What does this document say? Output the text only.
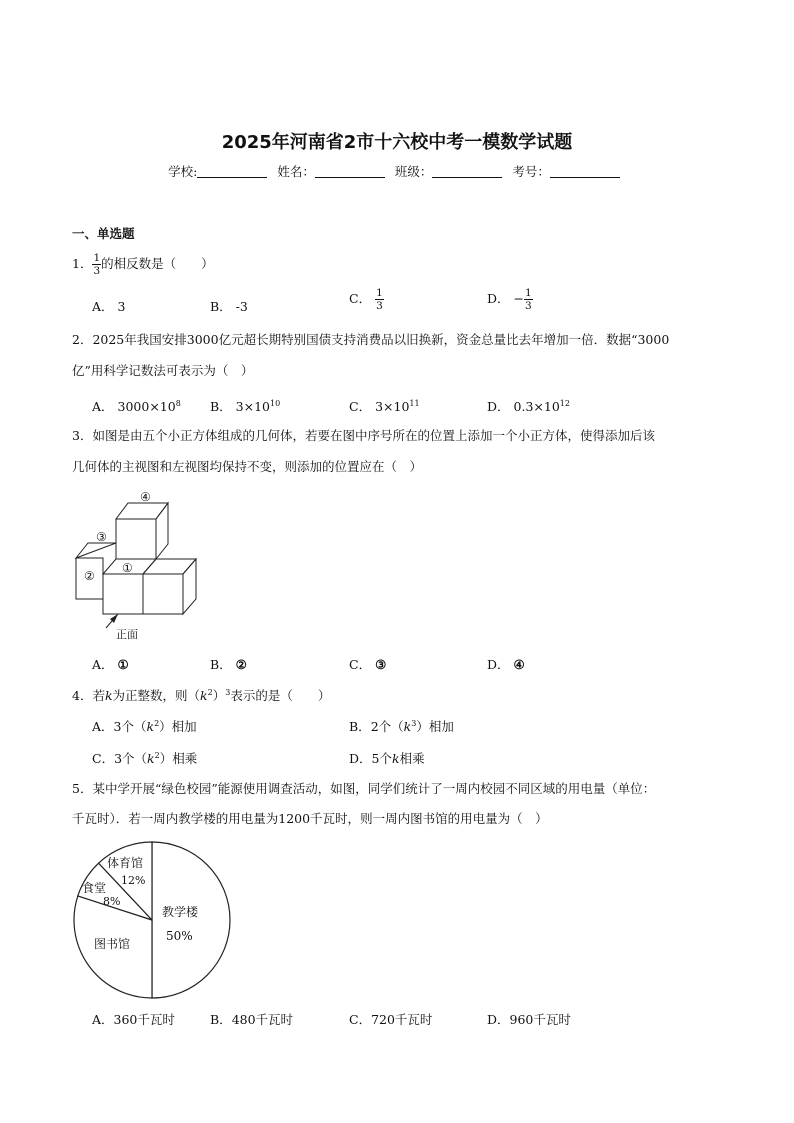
2025年河南省2市十六校中考一模数学试题
学校:	姓名：	班级：	考号：
一、单选题
1． $\frac{1}{3}$ 的相反数是（　　）
A． 3	B． -3
C． $\frac{1}{3}$	D． − $\frac{1}{3}$
2．2025年我国安排3000亿元超长期特别国债支持消费品以旧换新，资金总量比去年增加一倍．数据“3000
亿”用科学记数法可表示为（　）
A． $3000\times 10^8$ B． $3\times 10^{10}$	C． $3\times 10^{11}$	D． $0.3\times 10^{12}$
3．如图是由五个小正方体组成的几何体，若要在图中序号所在的位置上添加一个小正方体，使得添加后该
几何体的主视图和左视图均保持不变，则添加的位置应在（　）
④
③
②
①
正面
A． ①	B． ②	C． ③	D． ④
4．若k为正整数，则$(k^2)^3$表示的是（　　）
A．3个$(k^2)$相加	B．2个$(k^3)$相加
C．3个$(k^2)$相乘	D．5个k相乘
5．某中学开展“绿色校园”能源使用调查活动，如图，同学们统计了一周内校园不同区域的用电量（单位：
千瓦时）．若一周内教学楼的用电量为1200千瓦时，则一周内图书馆的用电量为（　）
教学楼
50%
图书馆
食堂
8%
体育馆
12%
A．360千瓦时	B．480千瓦时	C．720千瓦时	D．960千瓦时
